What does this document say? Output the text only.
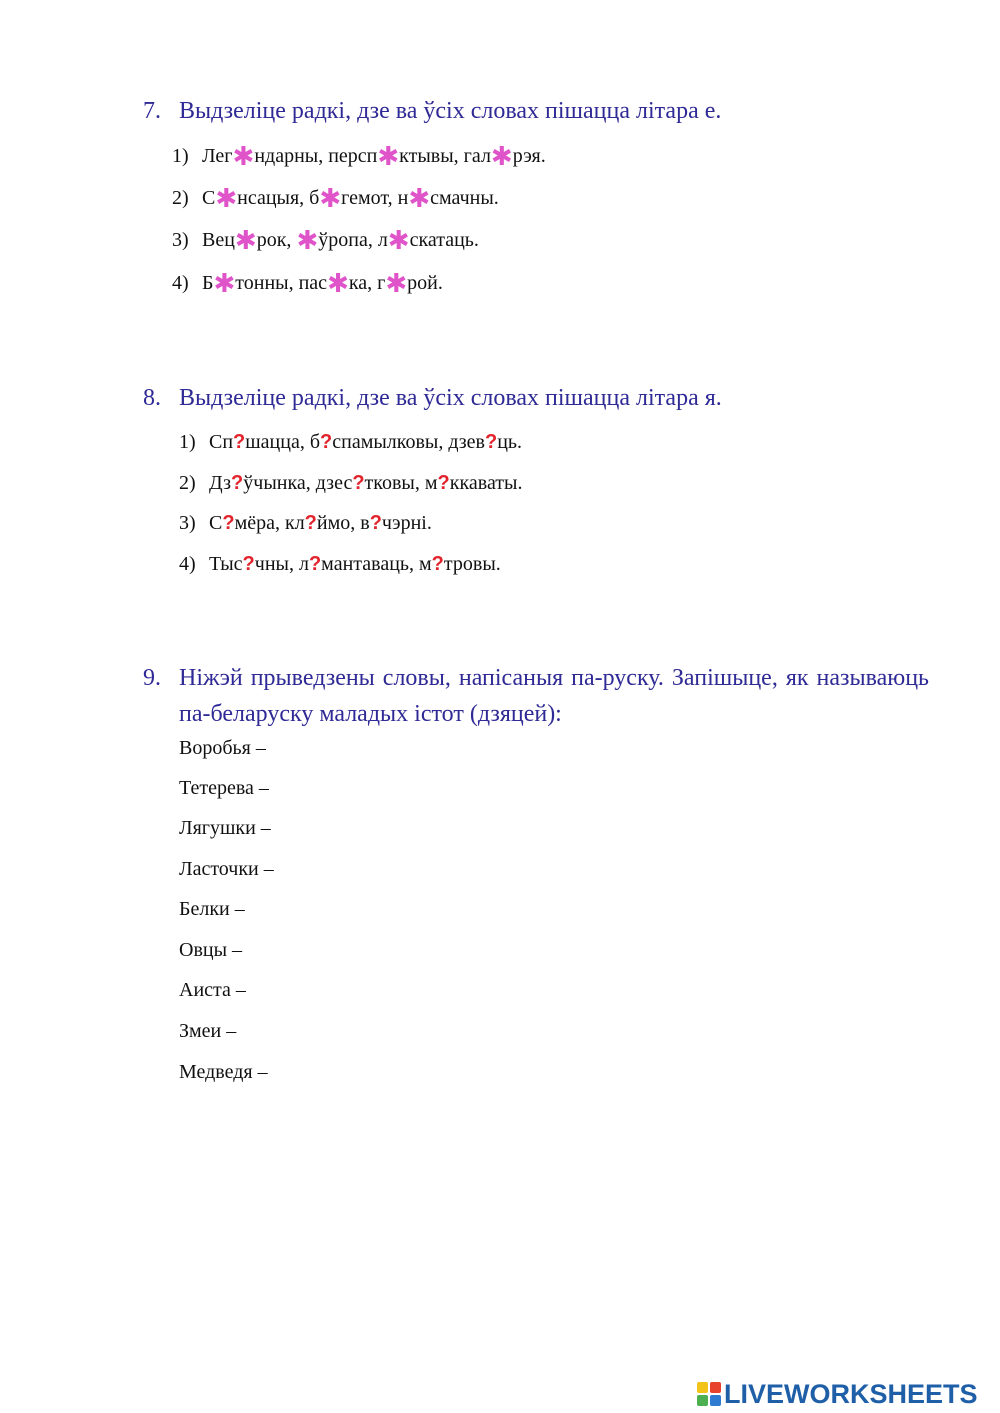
7. Выдзеліце радкі, дзе ва ўсіх словах пішацца літара е.
1) Лег✱ндарны, персп✱ктывы, гал✱рэя.
2) С✱нсацыя, б✱гемот, н✱смачны.
3) Вец✱рок, ✱ўропа, л✱скатаць.
4) Б✱тонны, пас✱ка, г✱рой.
8. Выдзеліце радкі, дзе ва ўсіх словах пішацца літара я.
1) Сп?шацца, б?спамылковы, дзев?ць.
2) Дз?ўчынка, дзес?тковы, м?ккаваты.
3) С?мёра, кл?ймо, в?чэрні.
4) Тыс?чны, л?мантаваць, м?тровы.
9. Ніжэй прыведзены словы, напісаныя па-руску. Запішыце, як называюць па-беларуску маладых істот (дзяцей):
Воробья –
Тетерева –
Лягушки –
Ласточки –
Белки –
Овцы –
Аиста –
Змеи –
Медведя –
LIVEWORKSHEETS
